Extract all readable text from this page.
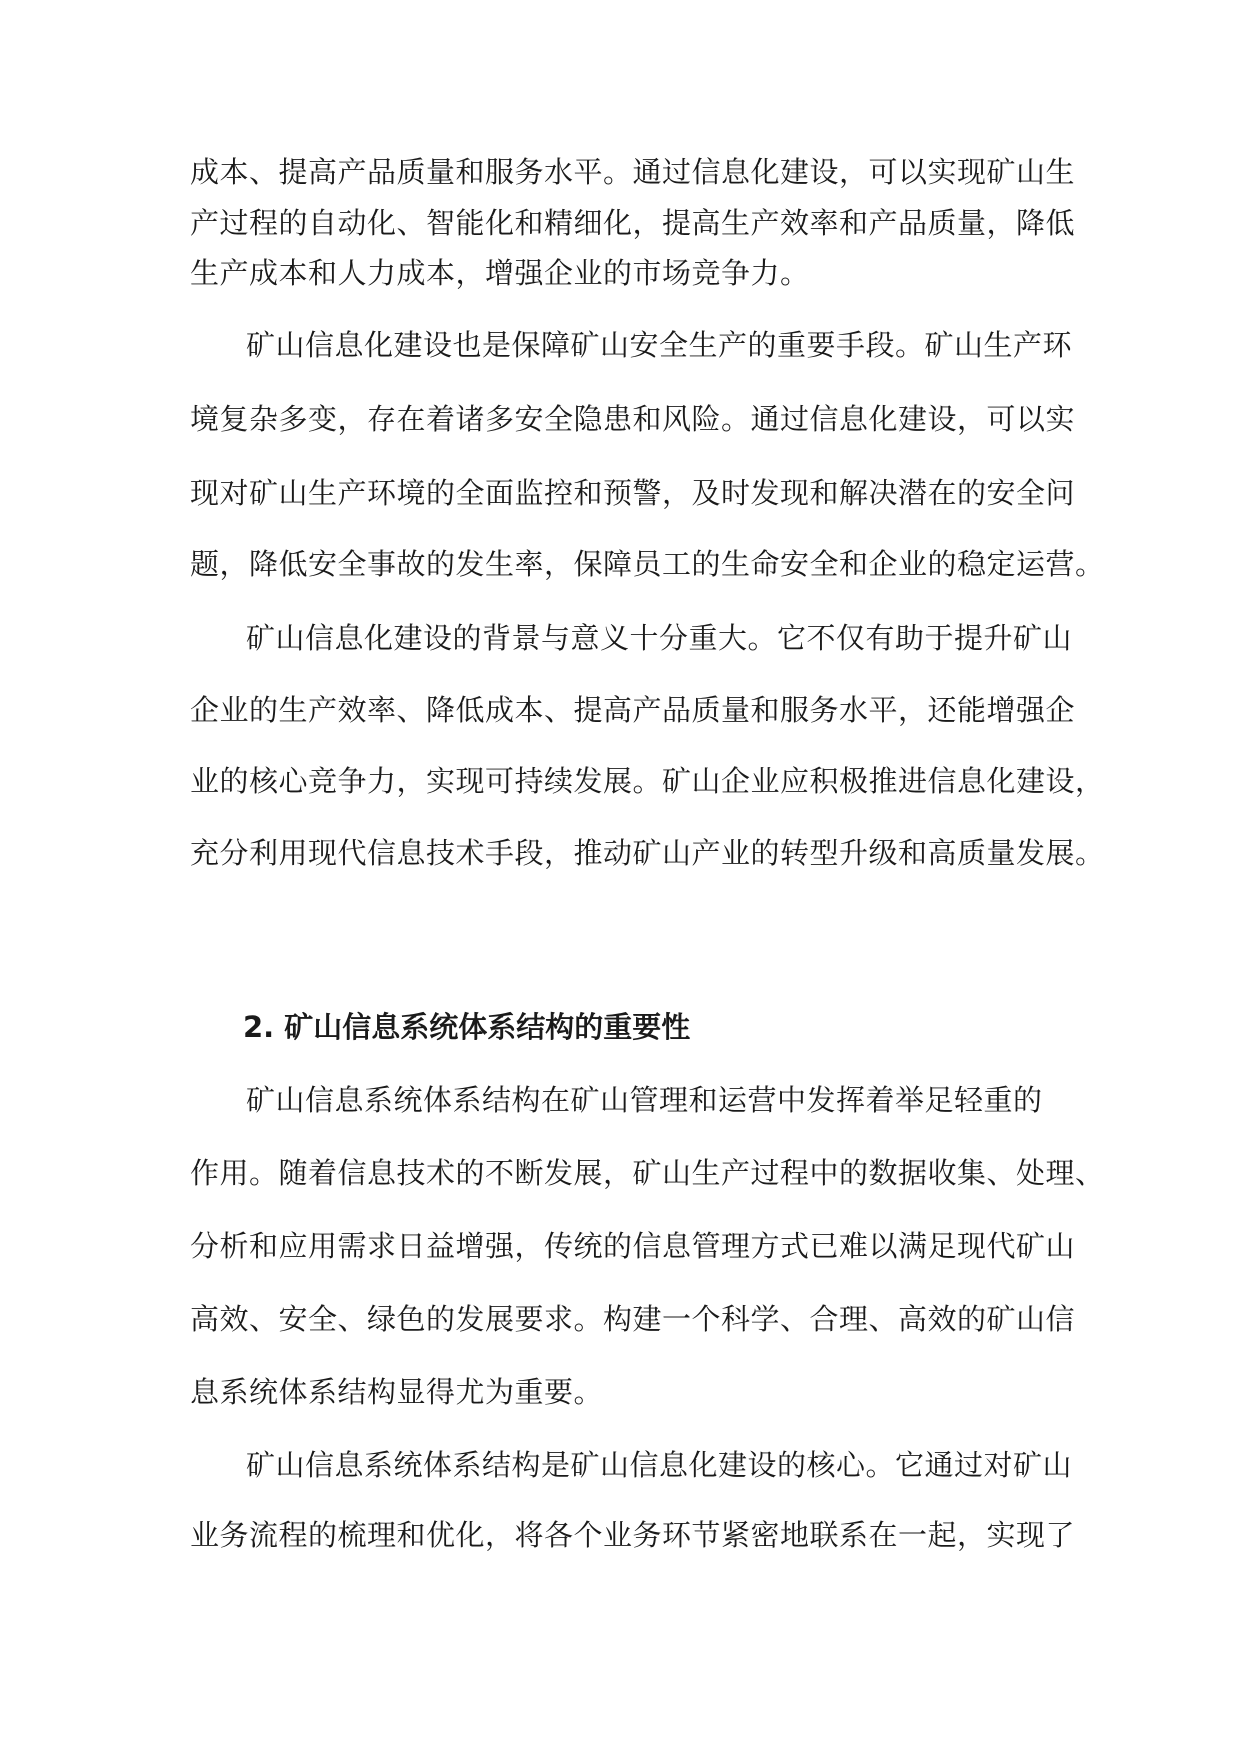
成本、提高产品质量和服务水平。通过信息化建设，可以实现矿山生
产过程的自动化、智能化和精细化，提高生产效率和产品质量，降低
生产成本和人力成本，增强企业的市场竞争力。
矿山信息化建设也是保障矿山安全生产的重要手段。矿山生产环
境复杂多变，存在着诸多安全隐患和风险。通过信息化建设，可以实
现对矿山生产环境的全面监控和预警，及时发现和解决潜在的安全问
题，降低安全事故的发生率，保障员工的生命安全和企业的稳定运营。
矿山信息化建设的背景与意义十分重大。它不仅有助于提升矿山
企业的生产效率、降低成本、提高产品质量和服务水平，还能增强企
业的核心竞争力，实现可持续发展。矿山企业应积极推进信息化建设，
充分利用现代信息技术手段，推动矿山产业的转型升级和高质量发展。
2. 矿山信息系统体系结构的重要性
矿山信息系统体系结构在矿山管理和运营中发挥着举足轻重的
作用。随着信息技术的不断发展，矿山生产过程中的数据收集、处理、
分析和应用需求日益增强，传统的信息管理方式已难以满足现代矿山
高效、安全、绿色的发展要求。构建一个科学、合理、高效的矿山信
息系统体系结构显得尤为重要。
矿山信息系统体系结构是矿山信息化建设的核心。它通过对矿山
业务流程的梳理和优化，将各个业务环节紧密地联系在一起，实现了
